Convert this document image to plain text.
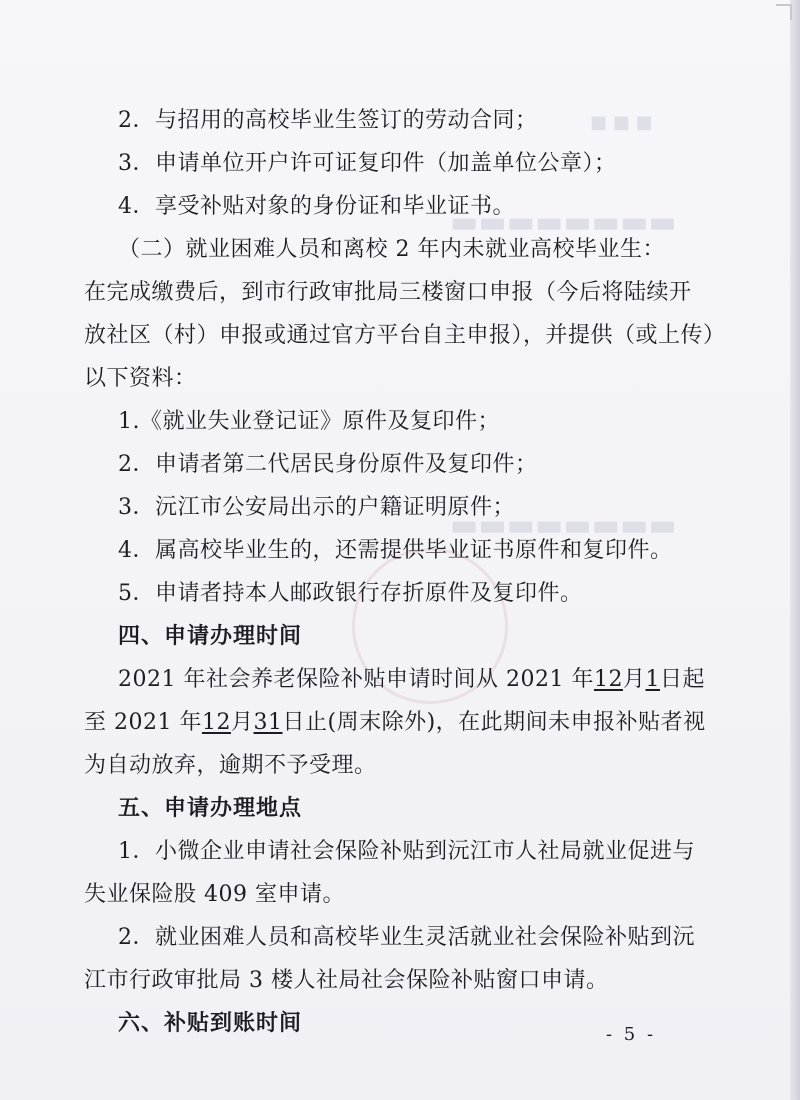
■ ■ ■
▬▬▬▬▬▬▬▬
▬▬▬▬▬▬▬▬
2．与招用的高校毕业生签订的劳动合同；
3．申请单位开户许可证复印件（加盖单位公章）；
4．享受补贴对象的身份证和毕业证书。
（二）就业困难人员和离校 2 年内未就业高校毕业生：
在完成缴费后，到市行政审批局三楼窗口申报（今后将陆续开
放社区（村）申报或通过官方平台自主申报），并提供（或上传）
以下资料：
1.《就业失业登记证》原件及复印件；
2．申请者第二代居民身份原件及复印件；
3．沅江市公安局出示的户籍证明原件；
4．属高校毕业生的，还需提供毕业证书原件和复印件。
5．申请者持本人邮政银行存折原件及复印件。
四、申请办理时间
2021 年社会养老保险补贴申请时间从 2021 年12月1日起
至 2021 年12月31日止(周末除外)，在此期间未申报补贴者视
为自动放弃，逾期不予受理。
五、申请办理地点
1．小微企业申请社会保险补贴到沅江市人社局就业促进与
失业保险股 409 室申请。
2．就业困难人员和高校毕业生灵活就业社会保险补贴到沅
江市行政审批局 3 楼人社局社会保险补贴窗口申请。
六、补贴到账时间	- 5 -
